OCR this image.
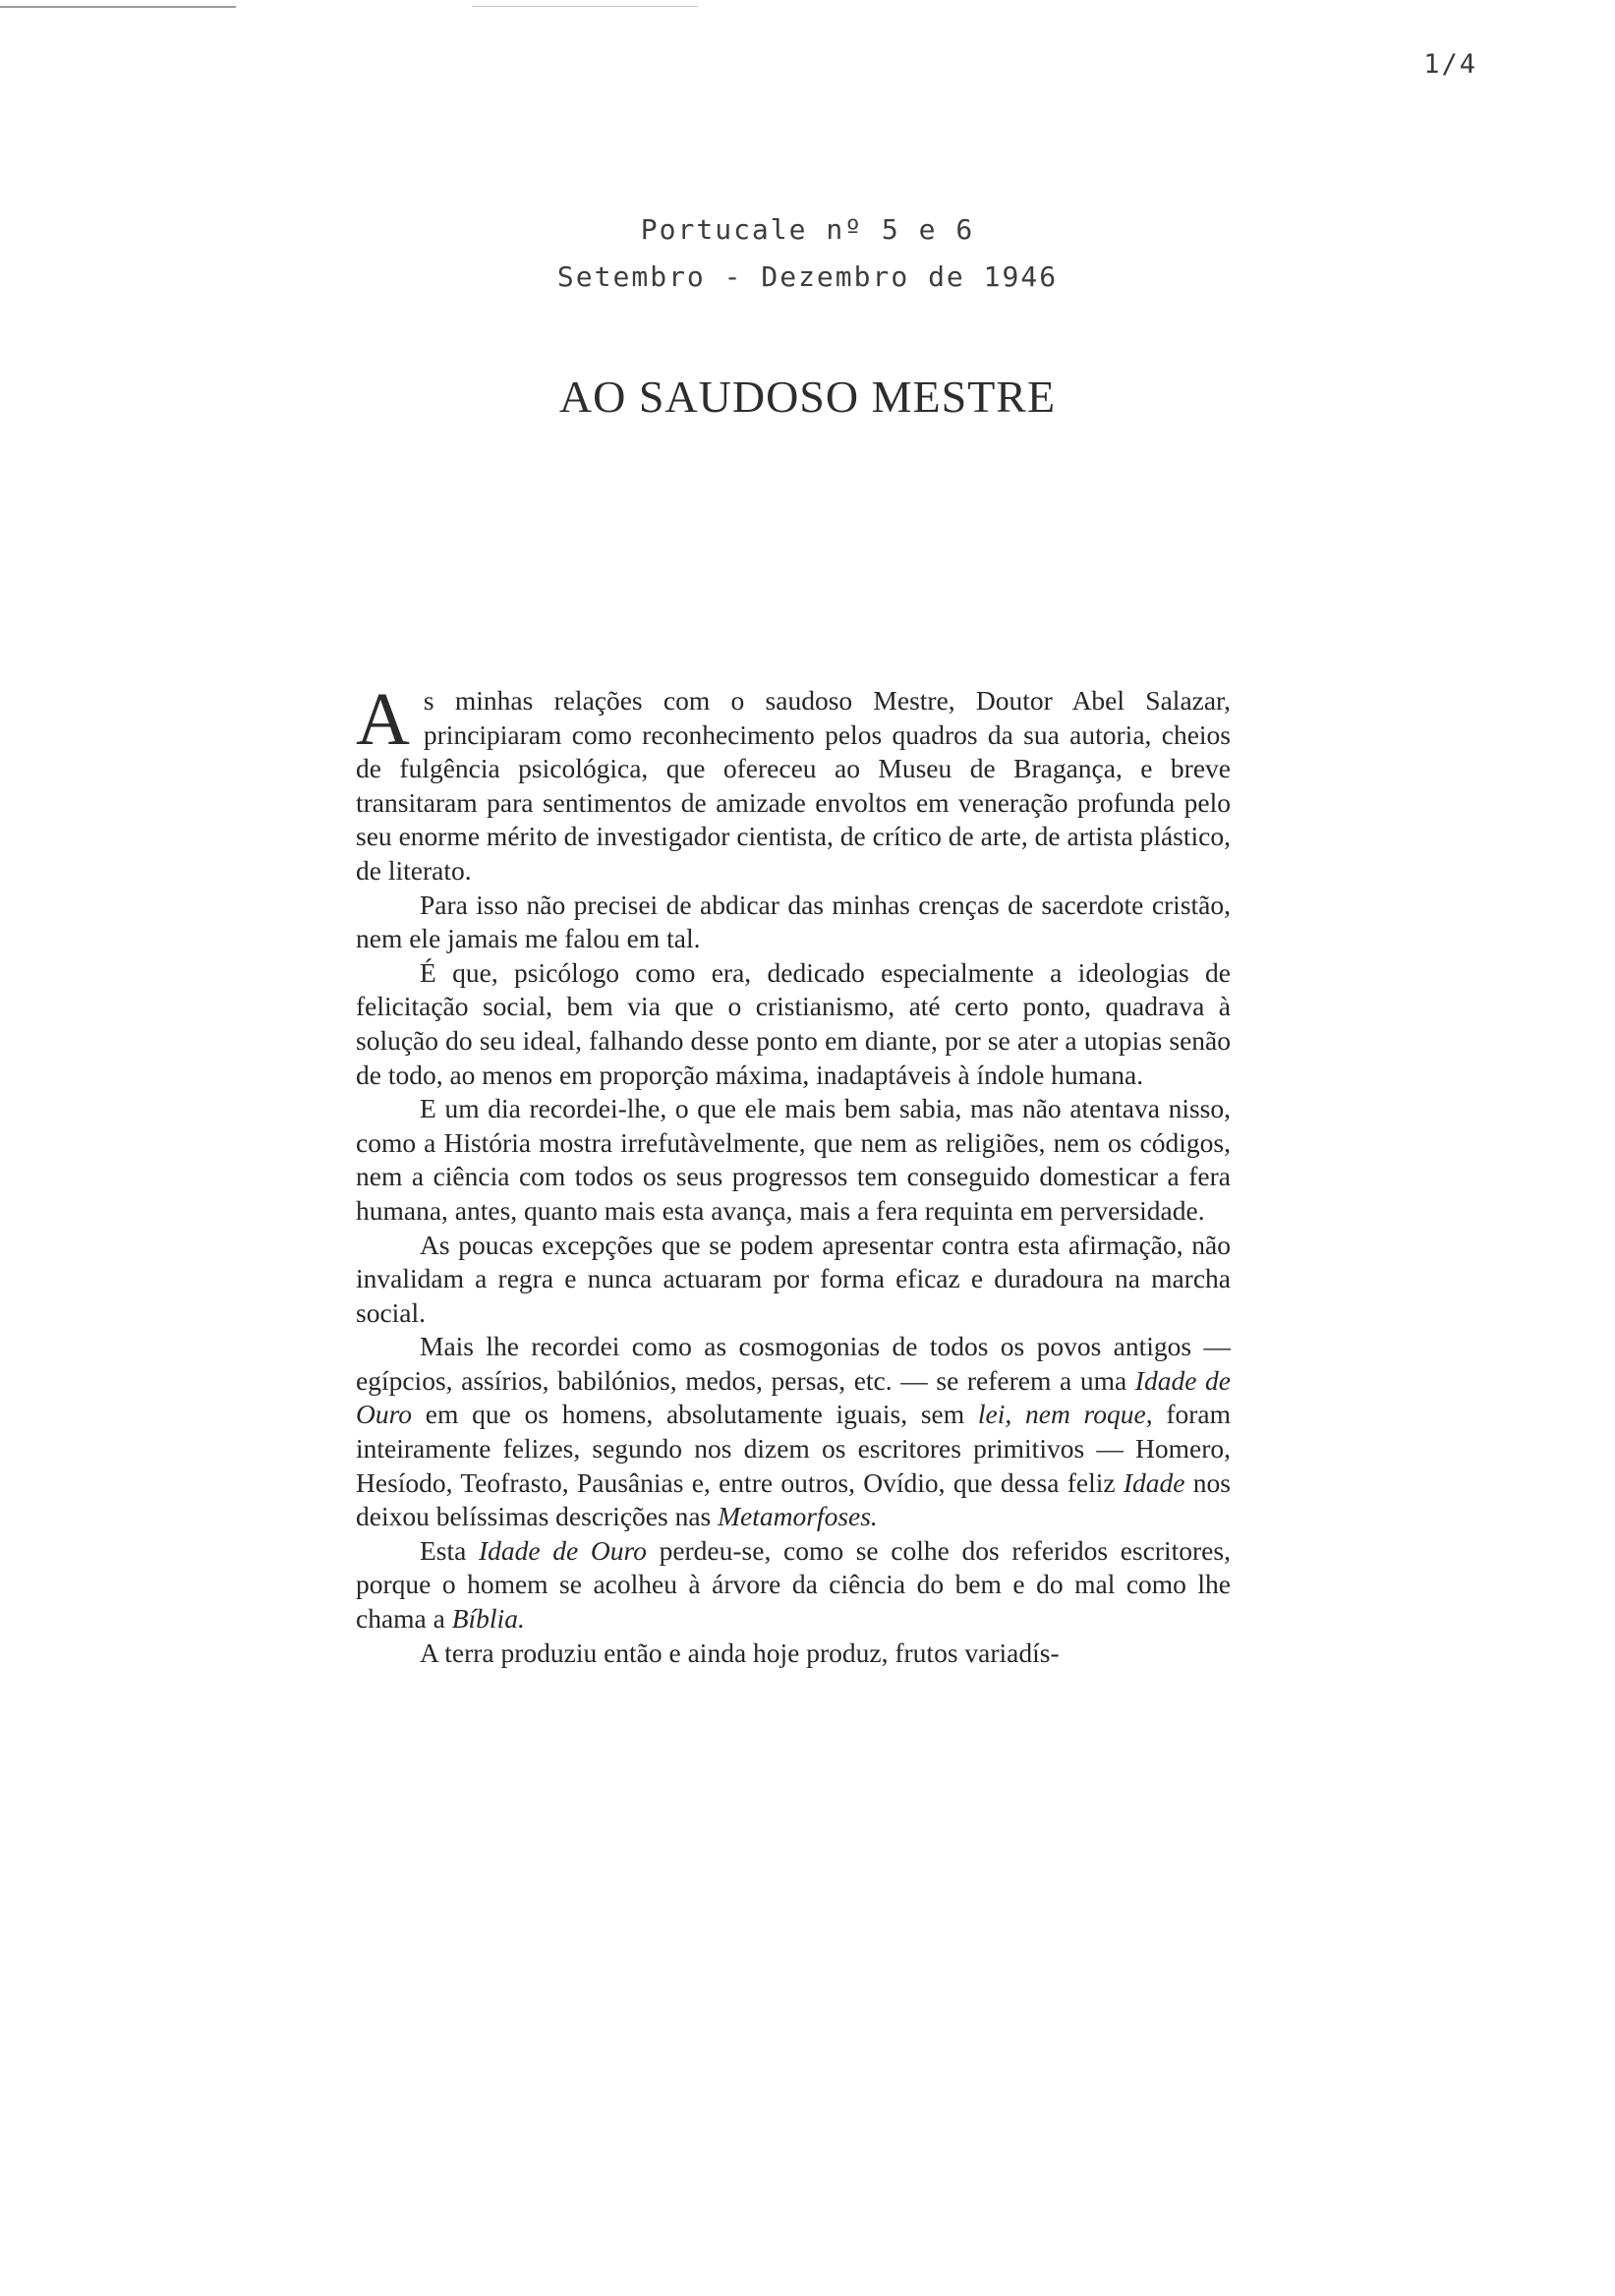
1/4
Portucale nº 5 e 6
Setembro - Dezembro de 1946
AO SAUDOSO MESTRE

As minhas relações com o saudoso Mestre, Doutor Abel Salazar, principiaram como reconhecimento pelos quadros da sua autoria, cheios de fulgência psicológica, que ofereceu ao Museu de Bragança, e breve transitaram para sentimentos de amizade envoltos em veneração profunda pelo seu enorme mérito de investigador cientista, de crítico de arte, de artista plástico, de literato.

Para isso não precisei de abdicar das minhas crenças de sacerdote cristão, nem ele jamais me falou em tal.

É que, psicólogo como era, dedicado especialmente a ideologias de felicitação social, bem via que o cristianismo, até certo ponto, quadrava à solução do seu ideal, falhando desse ponto em diante, por se ater a utopias senão de todo, ao menos em proporção máxima, inadaptáveis à índole humana.

E um dia recordei-lhe, o que ele mais bem sabia, mas não atentava nisso, como a História mostra irrefutàvelmente, que nem as religiões, nem os códigos, nem a ciência com todos os seus progressos tem conseguido domesticar a fera humana, antes, quanto mais esta avança, mais a fera requinta em perversidade.

As poucas excepções que se podem apresentar contra esta afirmação, não invalidam a regra e nunca actuaram por forma eficaz e duradoura na marcha social.

Mais lhe recordei como as cosmogonias de todos os povos antigos — egípcios, assírios, babilónios, medos, persas, etc. — se referem a uma Idade de Ouro em que os homens, absolutamente iguais, sem lei, nem roque, foram inteiramente felizes, segundo nos dizem os escritores primitivos — Homero, Hesíodo, Teofrasto, Pausânias e, entre outros, Ovídio, que dessa feliz Idade nos deixou belíssimas descrições nas Metamorfoses.

Esta Idade de Ouro perdeu-se, como se colhe dos referidos escritores, porque o homem se acolheu à árvore da ciência do bem e do mal como lhe chama a Bíblia.

A terra produziu então e ainda hoje produz, frutos variadís-
